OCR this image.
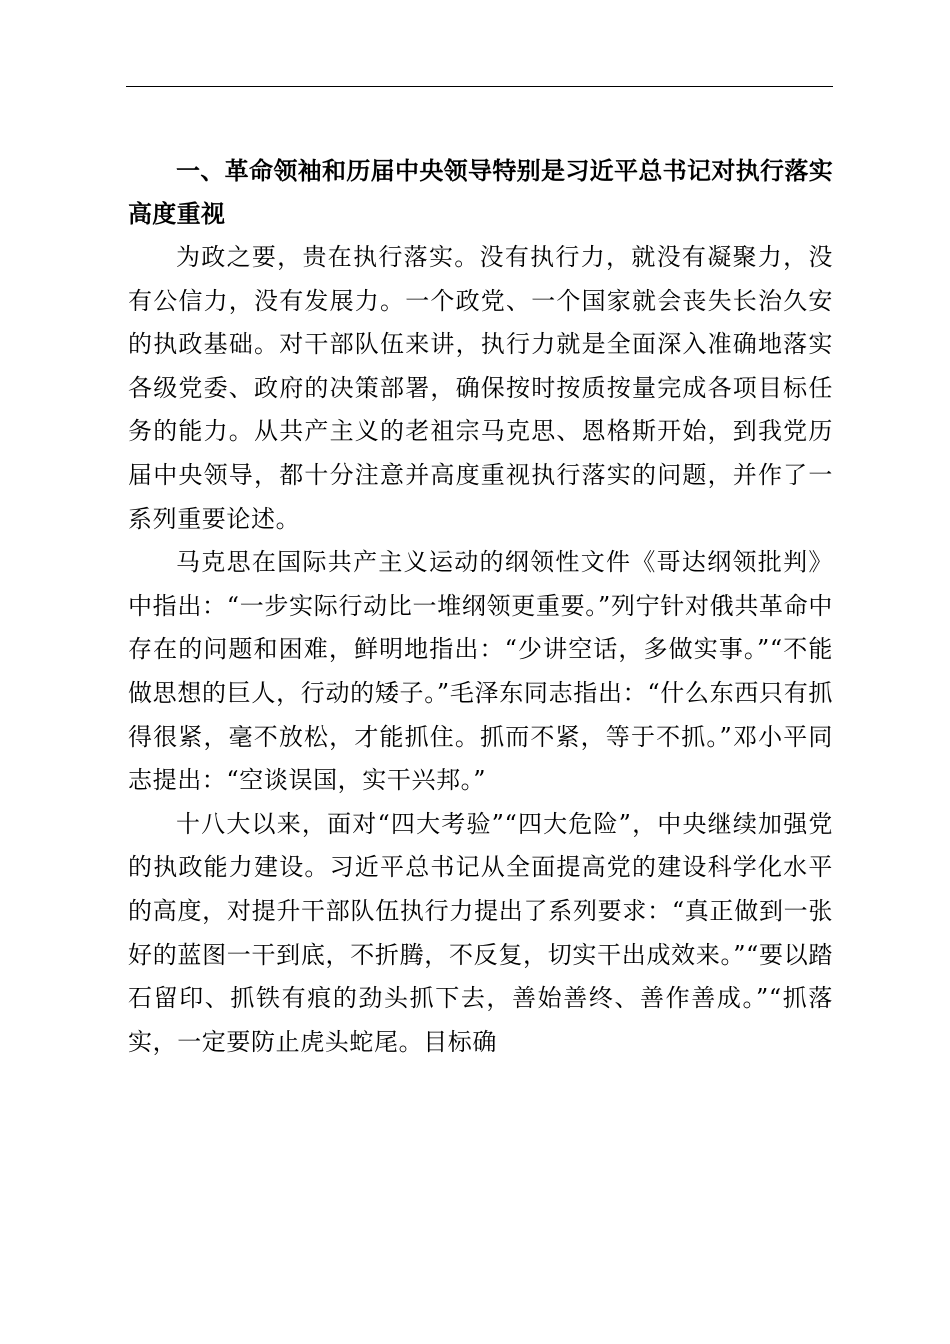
一、革命领袖和历届中央领导特别是习近平总书记对执行落实高度重视

为政之要，贵在执行落实。没有执行力，就没有凝聚力，没有公信力，没有发展力。一个政党、一个国家就会丧失长治久安的执政基础。对干部队伍来讲，执行力就是全面深入准确地落实各级党委、政府的决策部署，确保按时按质按量完成各项目标任务的能力。从共产主义的老祖宗马克思、恩格斯开始，到我党历届中央领导，都十分注意并高度重视执行落实的问题，并作了一系列重要论述。

马克思在国际共产主义运动的纲领性文件《哥达纲领批判》中指出：“一步实际行动比一堆纲领更重要。”列宁针对俄共革命中存在的问题和困难，鲜明地指出：“少讲空话，多做实事。”“不能做思想的巨人，行动的矮子。”毛泽东同志指出：“什么东西只有抓得很紧，毫不放松，才能抓住。抓而不紧，等于不抓。”邓小平同志提出：“空谈误国，实干兴邦。”

十八大以来，面对“四大考验”“四大危险”，中央继续加强党的执政能力建设。习近平总书记从全面提高党的建设科学化水平的高度，对提升干部队伍执行力提出了系列要求：“真正做到一张好的蓝图一干到底，不折腾，不反复，切实干出成效来。”“要以踏石留印、抓铁有痕的劲头抓下去，善始善终、善作善成。”“抓落实，一定要防止虎头蛇尾。目标确
